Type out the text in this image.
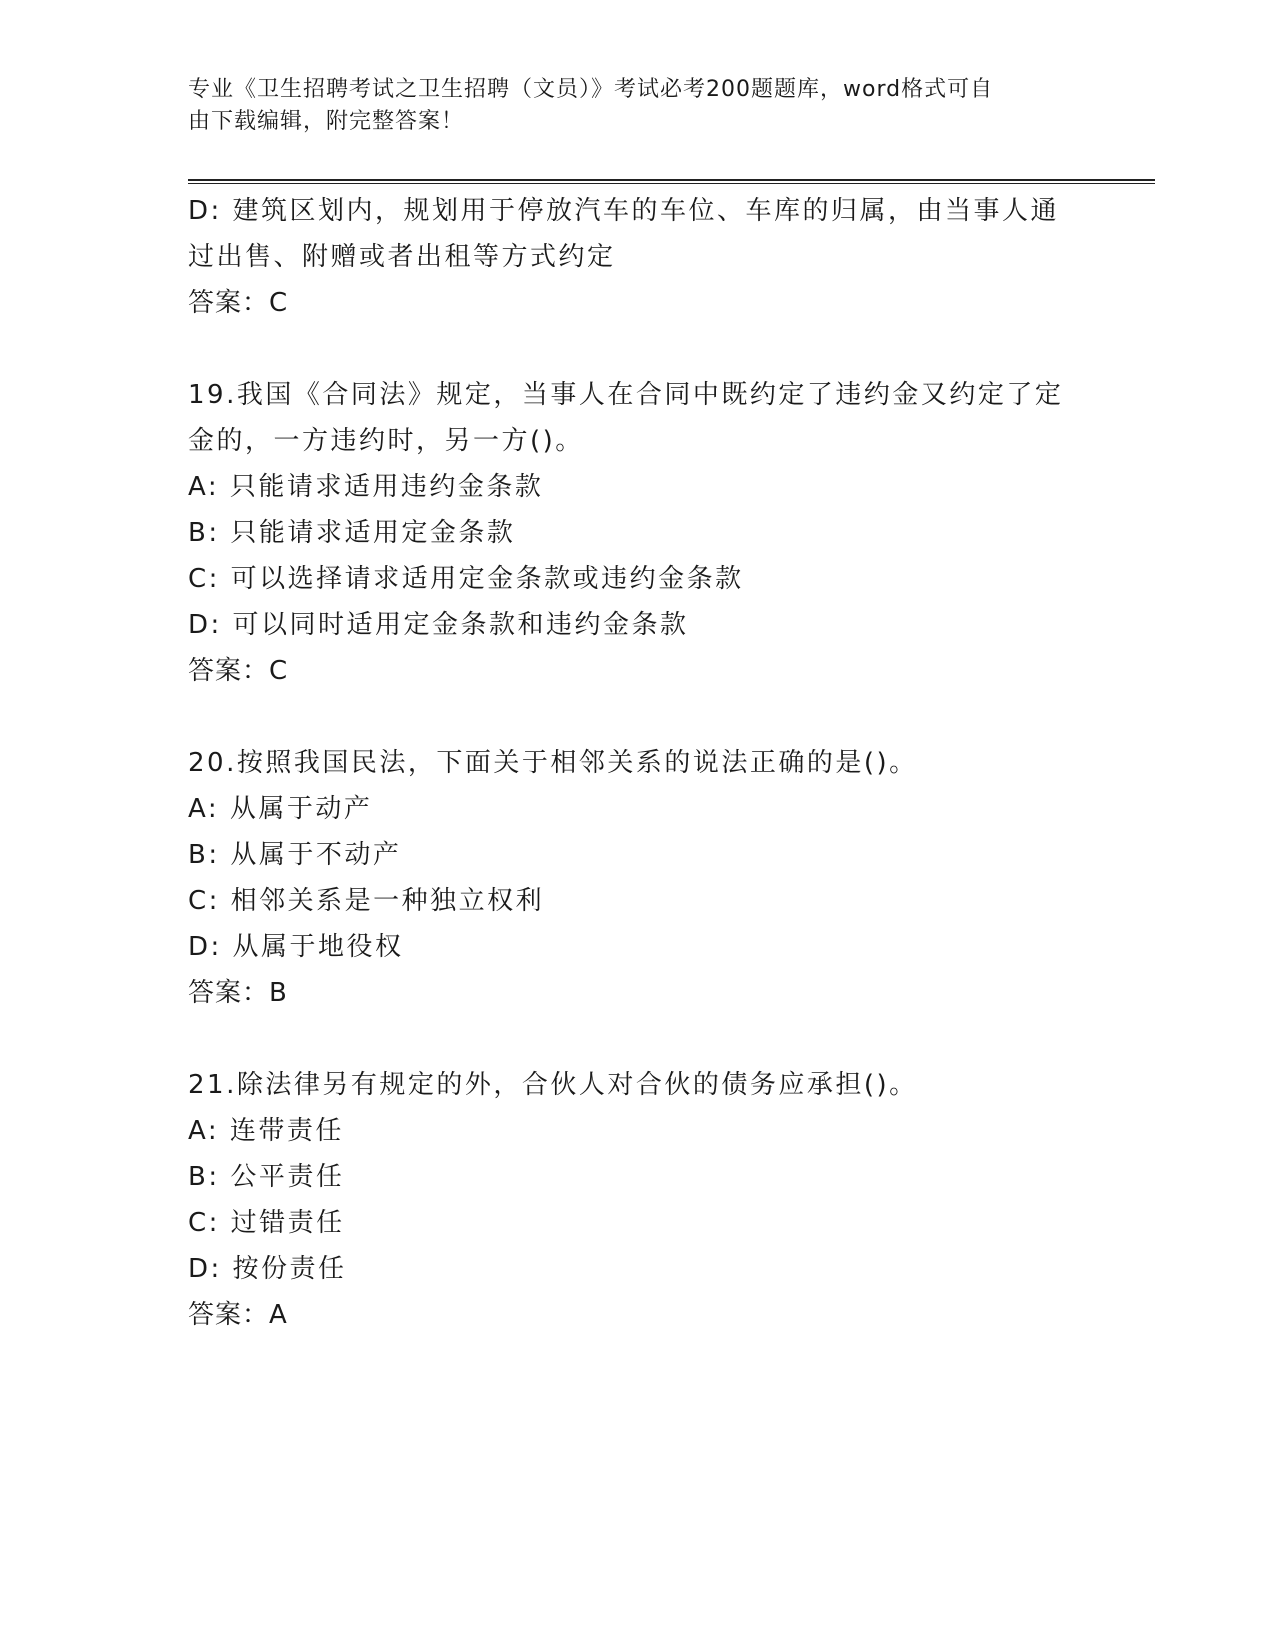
专业《卫生招聘考试之卫生招聘（文员）》考试必考200题题库，word格式可自
由下载编辑，附完整答案！
D: 建筑区划内，规划用于停放汽车的车位、车库的归属，由当事人通
过出售、附赠或者出租等方式约定
答案：C
19.我国《合同法》规定，当事人在合同中既约定了违约金又约定了定
金的，一方违约时，另一方()。
A: 只能请求适用违约金条款
B: 只能请求适用定金条款
C: 可以选择请求适用定金条款或违约金条款
D: 可以同时适用定金条款和违约金条款
答案：C
20.按照我国民法，下面关于相邻关系的说法正确的是()。
A: 从属于动产
B: 从属于不动产
C: 相邻关系是一种独立权利
D: 从属于地役权
答案：B
21.除法律另有规定的外，合伙人对合伙的债务应承担()。
A: 连带责任
B: 公平责任
C: 过错责任
D: 按份责任
答案：A
